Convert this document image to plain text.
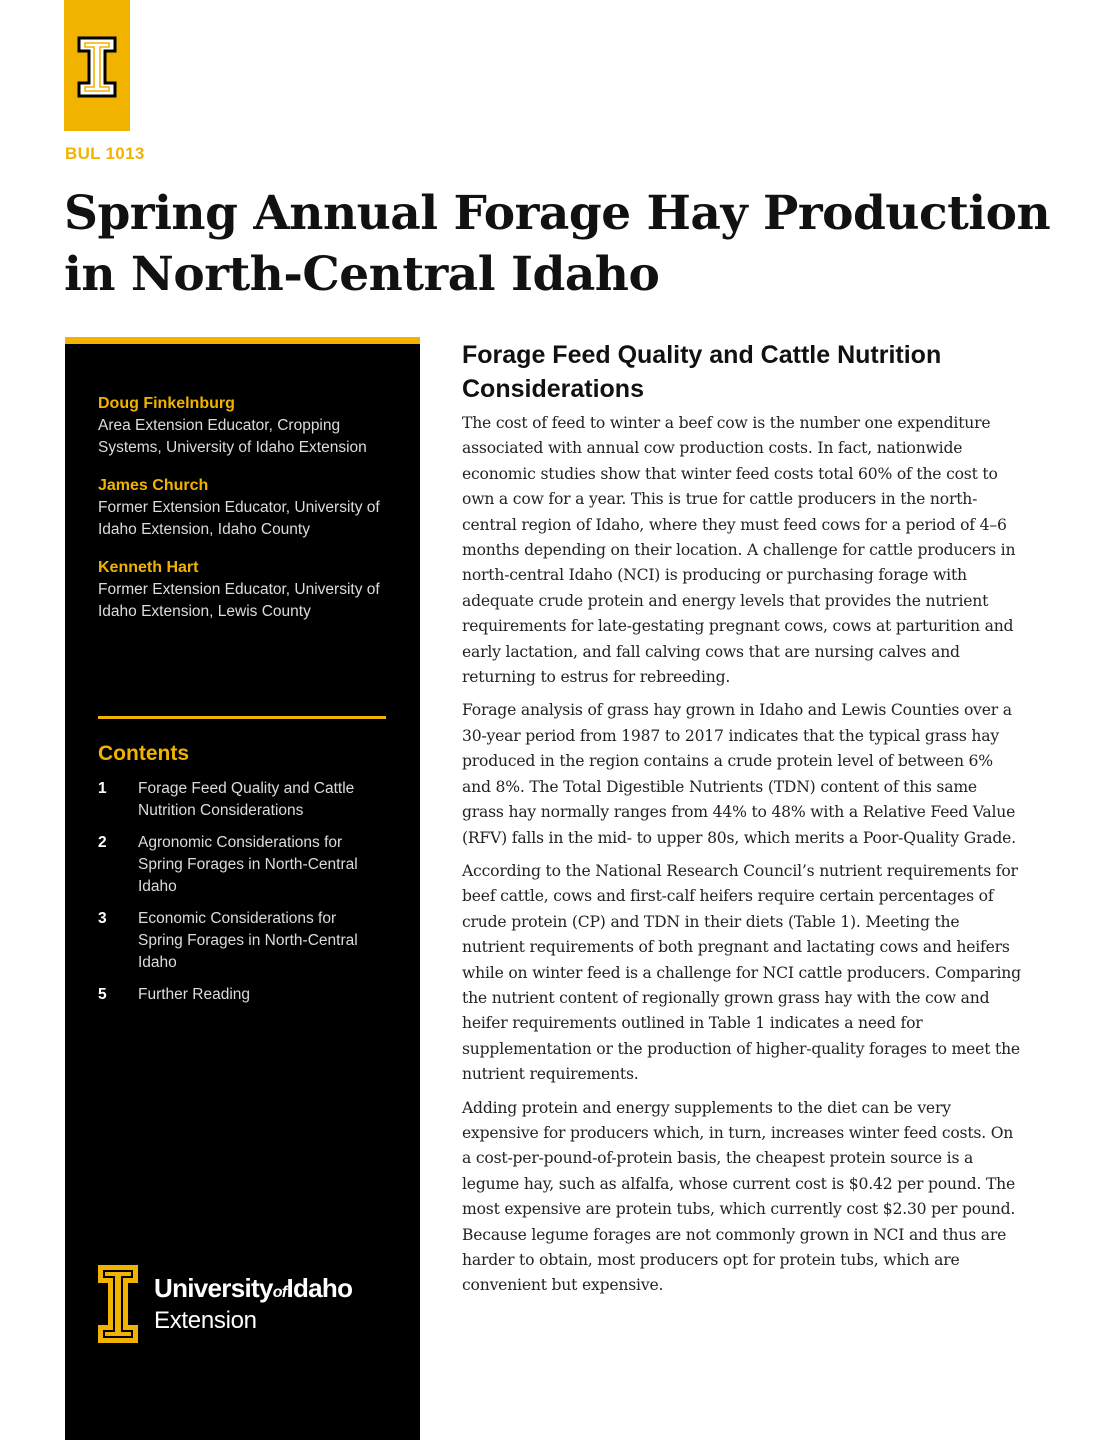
BUL 1013
Spring Annual Forage Hay Production in North-Central Idaho
Doug Finkelnburg
Area Extension Educator, Cropping Systems, University of Idaho Extension
James Church
Former Extension Educator, University of Idaho Extension, Idaho County
Kenneth Hart
Former Extension Educator, University of Idaho Extension, Lewis County
Contents
1	Forage Feed Quality and Cattle Nutrition Considerations
2	Agronomic Considerations for Spring Forages in North-Central Idaho
3	Economic Considerations for Spring Forages in North-Central Idaho
5	Further Reading
UniversityofIdaho
Extension
Forage Feed Quality and Cattle Nutrition Considerations

The cost of feed to winter a beef cow is the number one expenditure associated with annual cow production costs. In fact, nationwide economic studies show that winter feed costs total 60% of the cost to own a cow for a year. This is true for cattle producers in the north-central region of Idaho, where they must feed cows for a period of 4–6 months depending on their location. A challenge for cattle producers in north-central Idaho (NCI) is producing or purchasing forage with adequate crude protein and energy levels that provides the nutrient requirements for late-gestating pregnant cows, cows at parturition and early lactation, and fall calving cows that are nursing calves and returning to estrus for rebreeding.

Forage analysis of grass hay grown in Idaho and Lewis Counties over a 30-year period from 1987 to 2017 indicates that the typical grass hay produced in the region contains a crude protein level of between 6% and 8%. The Total Digestible Nutrients (TDN) content of this same grass hay normally ranges from 44% to 48% with a Relative Feed Value (RFV) falls in the mid- to upper 80s, which merits a Poor-Quality Grade.

According to the National Research Council’s nutrient requirements for beef cattle, cows and first-calf heifers require certain percentages of crude protein (CP) and TDN in their diets (Table 1). Meeting the nutrient requirements of both pregnant and lactating cows and heifers while on winter feed is a challenge for NCI cattle producers. Comparing the nutrient content of regionally grown grass hay with the cow and heifer requirements outlined in Table 1 indicates a need for supplementation or the production of higher-quality forages to meet the nutrient requirements.

Adding protein and energy supplements to the diet can be very expensive for producers which, in turn, increases winter feed costs. On a cost-per-pound-of-protein basis, the cheapest protein source is a legume hay, such as alfalfa, whose current cost is $0.42 per pound. The most expensive are protein tubs, which currently cost $2.30 per pound. Because legume forages are not commonly grown in NCI and thus are harder to obtain, most producers opt for protein tubs, which are convenient but expensive.
